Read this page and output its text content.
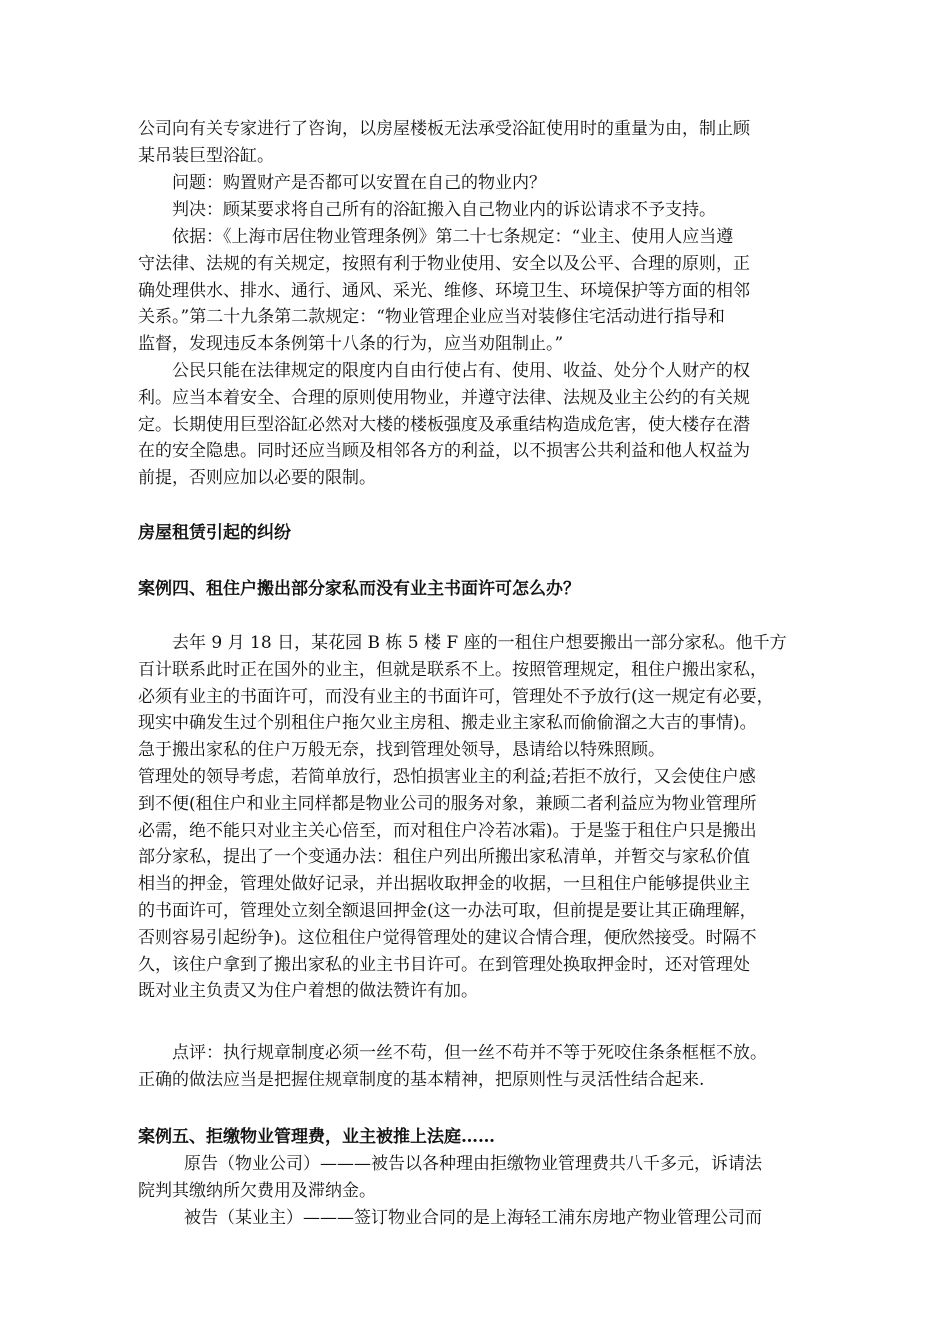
公司向有关专家进行了咨询，以房屋楼板无法承受浴缸使用时的重量为由，制止顾
某吊装巨型浴缸。
问题：购置财产是否都可以安置在自己的物业内？
判决：顾某要求将自己所有的浴缸搬入自己物业内的诉讼请求不予支持。
依据：《上海市居住物业管理条例》第二十七条规定：“业主、使用人应当遵
守法律、法规的有关规定，按照有利于物业使用、安全以及公平、合理的原则，正
确处理供水、排水、通行、通风、采光、维修、环境卫生、环境保护等方面的相邻
关系。”第二十九条第二款规定：“物业管理企业应当对装修住宅活动进行指导和
监督，发现违反本条例第十八条的行为，应当劝阻制止。”
公民只能在法律规定的限度内自由行使占有、使用、收益、处分个人财产的权
利。应当本着安全、合理的原则使用物业，并遵守法律、法规及业主公约的有关规
定。长期使用巨型浴缸必然对大楼的楼板强度及承重结构造成危害，使大楼存在潜
在的安全隐患。同时还应当顾及相邻各方的利益，以不损害公共利益和他人权益为
前提，否则应加以必要的限制。
房屋租赁引起的纠纷
案例四、租住户搬出部分家私而没有业主书面许可怎么办？
去年 9 月 18 日，某花园 B 栋 5 楼 F 座的一租住户想要搬出一部分家私。他千方
百计联系此时正在国外的业主，但就是联系不上。按照管理规定，租住户搬出家私，
必须有业主的书面许可，而没有业主的书面许可，管理处不予放行(这一规定有必要，
现实中确发生过个别租住户拖欠业主房租、搬走业主家私而偷偷溜之大吉的事情)。
急于搬出家私的住户万般无奈，找到管理处领导，恳请给以特殊照顾。
管理处的领导考虑，若简单放行，恐怕损害业主的利益;若拒不放行，又会使住户感
到不便(租住户和业主同样都是物业公司的服务对象，兼顾二者利益应为物业管理所
必需，绝不能只对业主关心倍至，而对租住户冷若冰霜)。于是鉴于租住户只是搬出
部分家私，提出了一个变通办法：租住户列出所搬出家私清单，并暂交与家私价值
相当的押金，管理处做好记录，并出据收取押金的收据，一旦租住户能够提供业主
的书面许可，管理处立刻全额退回押金(这一办法可取，但前提是要让其正确理解，
否则容易引起纷争)。这位租住户觉得管理处的建议合情合理，便欣然接受。时隔不
久，该住户拿到了搬出家私的业主书目许可。在到管理处换取押金时，还对管理处
既对业主负责又为住户着想的做法赞许有加。
点评：执行规章制度必须一丝不苟，但一丝不苟并不等于死咬住条条框框不放。
正确的做法应当是把握住规章制度的基本精神，把原则性与灵活性结合起来.
案例五、拒缴物业管理费，业主被推上法庭……
原告（物业公司）———被告以各种理由拒缴物业管理费共八千多元，诉请法
院判其缴纳所欠费用及滞纳金。
被告（某业主）———签订物业合同的是上海轻工浦东房地产物业管理公司而
